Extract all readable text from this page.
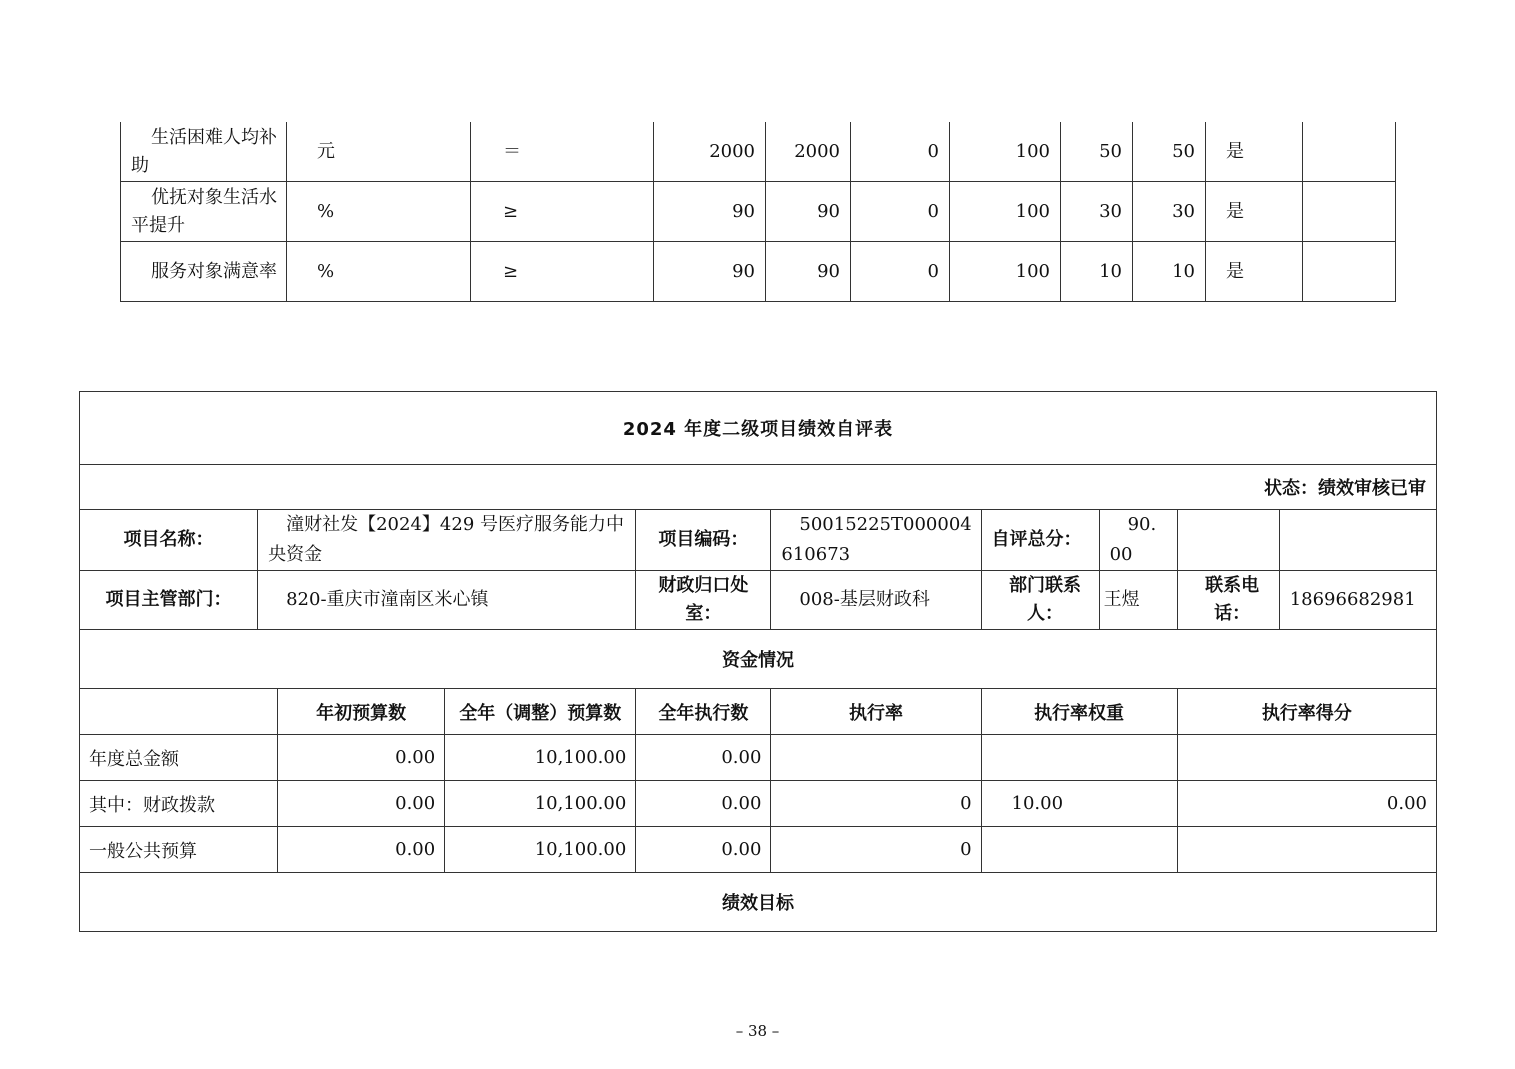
生活困难人均补助	元	＝	2000	2000	0	100	50	50	是	
优抚对象生活水平提升	%	≥	90	90	0	100	30	30	是	
服务对象满意率	%	≥	90	90	0	100	10	10	是	
2024 年度二级项目绩效自评表									
状态：绩效审核已审									
项目名称：	潼财社发【2024】429 号医疗服务能力中央资金			项目编码：	50015225T000004610673	自评总分：	90.00		
项目主管部门：	820-重庆市潼南区米心镇			财政归口处室：	008-基层财政科	部门联系人：	王煜	联系电话：	18696682981
资金情况									
		年初预算数	全年（调整）预算数	全年执行数	执行率	执行率权重		执行率得分	
年度总金额		0.00	10,100.00	0.00					
其中：财政拨款		0.00	10,100.00	0.00	0	10.00		0.00	
一般公共预算		0.00	10,100.00	0.00	0				
绩效目标									
– 38 –
